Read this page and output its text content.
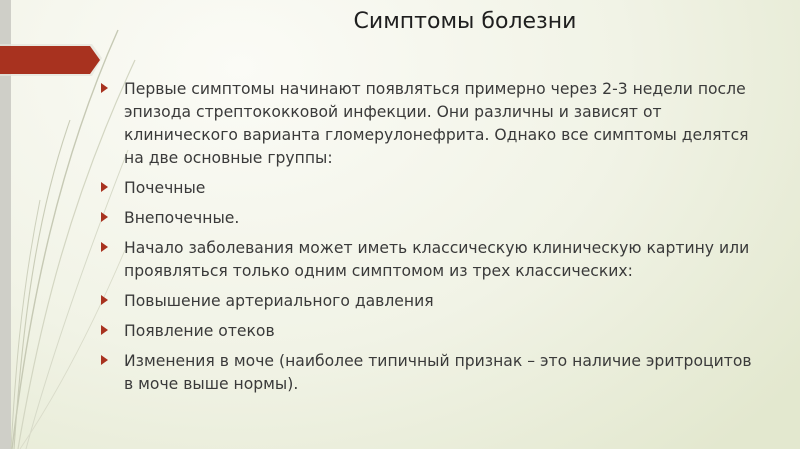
Симптомы болезни
Первые симптомы начинают появляться примерно через 2-3 недели после эпизода стрептококковой инфекции. Они различны и зависят от клинического варианта гломерулонефрита. Однако все симптомы делятся на две основные группы:
Почечные
Внепочечные.
Начало заболевания может иметь классическую клиническую картину или проявляться только одним симптомом из трех классических:
Повышение артериального давления
Появление отеков
Изменения в моче (наиболее типичный признак – это наличие эритроцитов в моче выше нормы).
